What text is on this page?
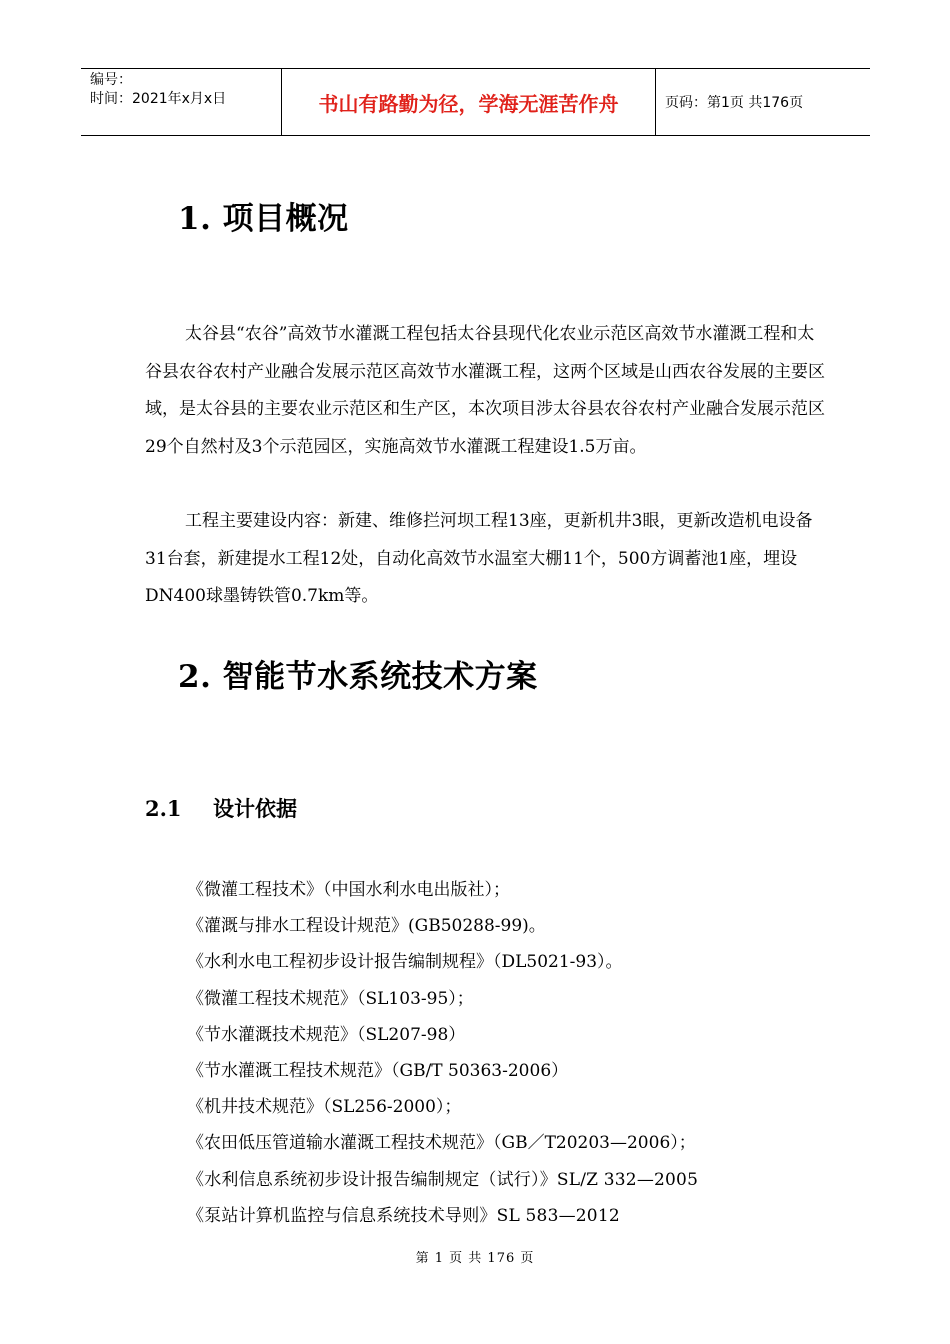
编号：
时间：2021年x月x日	书山有路勤为径，学海无涯苦作舟	页码：第1页 共176页
1. 项目概况

太谷县“农谷”高效节水灌溉工程包括太谷县现代化农业示范区高效节水灌溉工程和太谷县农谷农村产业融合发展示范区高效节水灌溉工程，这两个区域是山西农谷发展的主要区域，是太谷县的主要农业示范区和生产区，本次项目涉太谷县农谷农村产业融合发展示范区29个自然村及3个示范园区，实施高效节水灌溉工程建设1.5万亩。

工程主要建设内容：新建、维修拦河坝工程13座，更新机井3眼，更新改造机电设备31台套，新建提水工程12处，自动化高效节水温室大棚11个，500方调蓄池1座，埋设DN400球墨铸铁管0.7km等。

2. 智能节水系统技术方案
2.1 设计依据
《微灌工程技术》（中国水利水电出版社）；
《灌溉与排水工程设计规范》(GB50288-99)。
《水利水电工程初步设计报告编制规程》（DL5021-93）。
《微灌工程技术规范》（SL103-95）；
《节水灌溉技术规范》（SL207-98）
《节水灌溉工程技术规范》（GB/T 50363-2006）
《机井技术规范》（SL256-2000）；
《农田低压管道输水灌溉工程技术规范》（GB／T20203—2006）；
《水利信息系统初步设计报告编制规定（试行）》SL/Z 332—2005
《泵站计算机监控与信息系统技术导则》SL 583—2012
第 1 页 共 176 页
